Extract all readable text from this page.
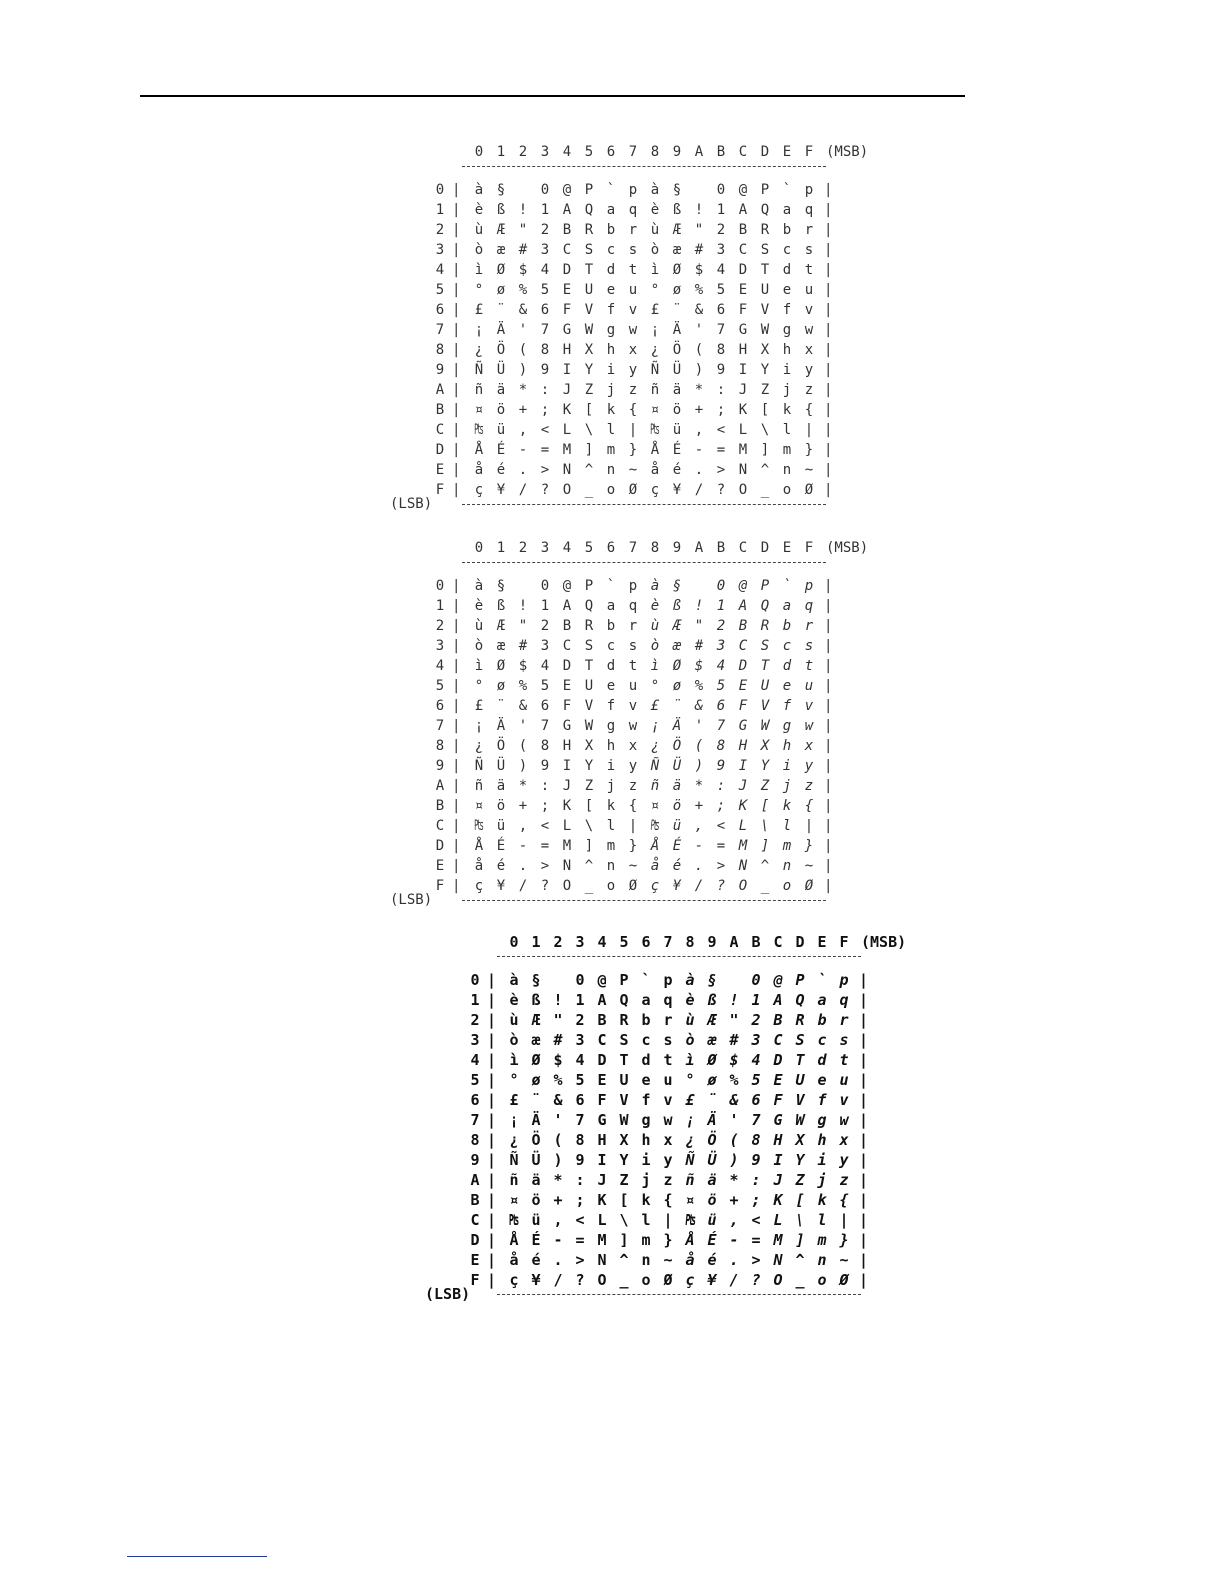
0 1 2 3 4 5 6 7 8 9 A B C D E F (MSB)
0 |	à §	0 @ P ` p à §	0 @ P ` p |
1 |	è ß ! 1 A Q a q è ß ! 1 A Q a q |
2 |	ù Æ " 2 B R b r ù Æ " 2 B R b r |
3 |	ò æ # 3 C S c s ò æ # 3 C S c s |
4 |	ì Ø $ 4 D T d t ì Ø $ 4 D T d t |
5 |	° ø % 5 E U e u ° ø % 5 E U e u |
6 |	£ ¨ & 6 F V f v £ ¨ & 6 F V f v |
7 |	¡ Ä ' 7 G W g w ¡ Ä ' 7 G W g w |
8 |	¿ Ö ( 8 H X h x ¿ Ö ( 8 H X h x |
9 |	Ñ Ü ) 9 I Y i y Ñ Ü ) 9 I Y i y |
A |	ñ ä * : J Z j z ñ ä * : J Z j z |
B |	¤ ö + ; K [ k { ¤ ö + ; K [ k { |
C |	₧ ü , < L \ l | ₧ ü , < L \ l | |
D |	Å É - = M ] m } Å É - = M ] m } |
E |	å é . > N ^ n ~ å é . > N ^ n ~ |
F |	ç ¥ / ? O _ o Ø ç ¥ / ? O _ o Ø |
(LSB)
0 1 2 3 4 5 6 7 8 9 A B C D E F (MSB)
0 |	à §	0 @ P ` p à §	0 @ P ` p |
1 |	è ß ! 1 A Q a q è ß ! 1 A Q a q |
2 |	ù Æ " 2 B R b r ù Æ " 2 B R b r |
3 |	ò æ # 3 C S c s ò æ # 3 C S c s |
4 |	ì Ø $ 4 D T d t ì Ø $ 4 D T d t |
5 |	° ø % 5 E U e u ° ø % 5 E U e u |
6 |	£ ¨ & 6 F V f v £ ¨ & 6 F V f v |
7 |	¡ Ä ' 7 G W g w ¡ Ä ' 7 G W g w |
8 |	¿ Ö ( 8 H X h x ¿ Ö ( 8 H X h x |
9 |	Ñ Ü ) 9 I Y i y Ñ Ü ) 9 I Y i y |
A |	ñ ä * : J Z j z ñ ä * : J Z j z |
B |	¤ ö + ; K [ k { ¤ ö + ; K [ k { |
C |	₧ ü , < L \ l | ₧ ü , < L \ l | |
D |	Å É - = M ] m } Å É - = M ] m } |
E |	å é . > N ^ n ~ å é . > N ^ n ~ |
F |	ç ¥ / ? O _ o Ø ç ¥ / ? O _ o Ø |
(LSB)
0 1 2 3 4 5 6 7 8 9 A B C D E F (MSB)
0 | à §	0 @ P ` p à §	0 @ P ` p |
1 | è ß ! 1 A Q a q è ß ! 1 A Q a q |
2 | ù Æ " 2 B R b r ù Æ " 2 B R b r |
3 | ò æ # 3 C S c s ò æ # 3 C S c s |
4 | ì Ø $ 4 D T d t ì Ø $ 4 D T d t |
5 | ° ø % 5 E U e u ° ø % 5 E U e u |
6 | £ ¨ & 6 F V f v £ ¨ & 6 F V f v |
7 | ¡ Ä ' 7 G W g w ¡ Ä ' 7 G W g w |
8 | ¿ Ö ( 8 H X h x ¿ Ö ( 8 H X h x |
9 | Ñ Ü ) 9 I Y i y Ñ Ü ) 9 I Y i y |
A | ñ ä * : J Z j z ñ ä * : J Z j z |
B | ¤ ö + ; K [ k { ¤ ö + ; K [ k { |
C | ₧ ü , < L \ l | ₧ ü , < L \ l | |
D | Å É - = M ] m } Å É - = M ] m } |
E | å é . > N ^ n ~ å é . > N ^ n ~ |
F | ç ¥ / ? O _ o Ø ç ¥ / ? O _ o Ø |
(LSB)
